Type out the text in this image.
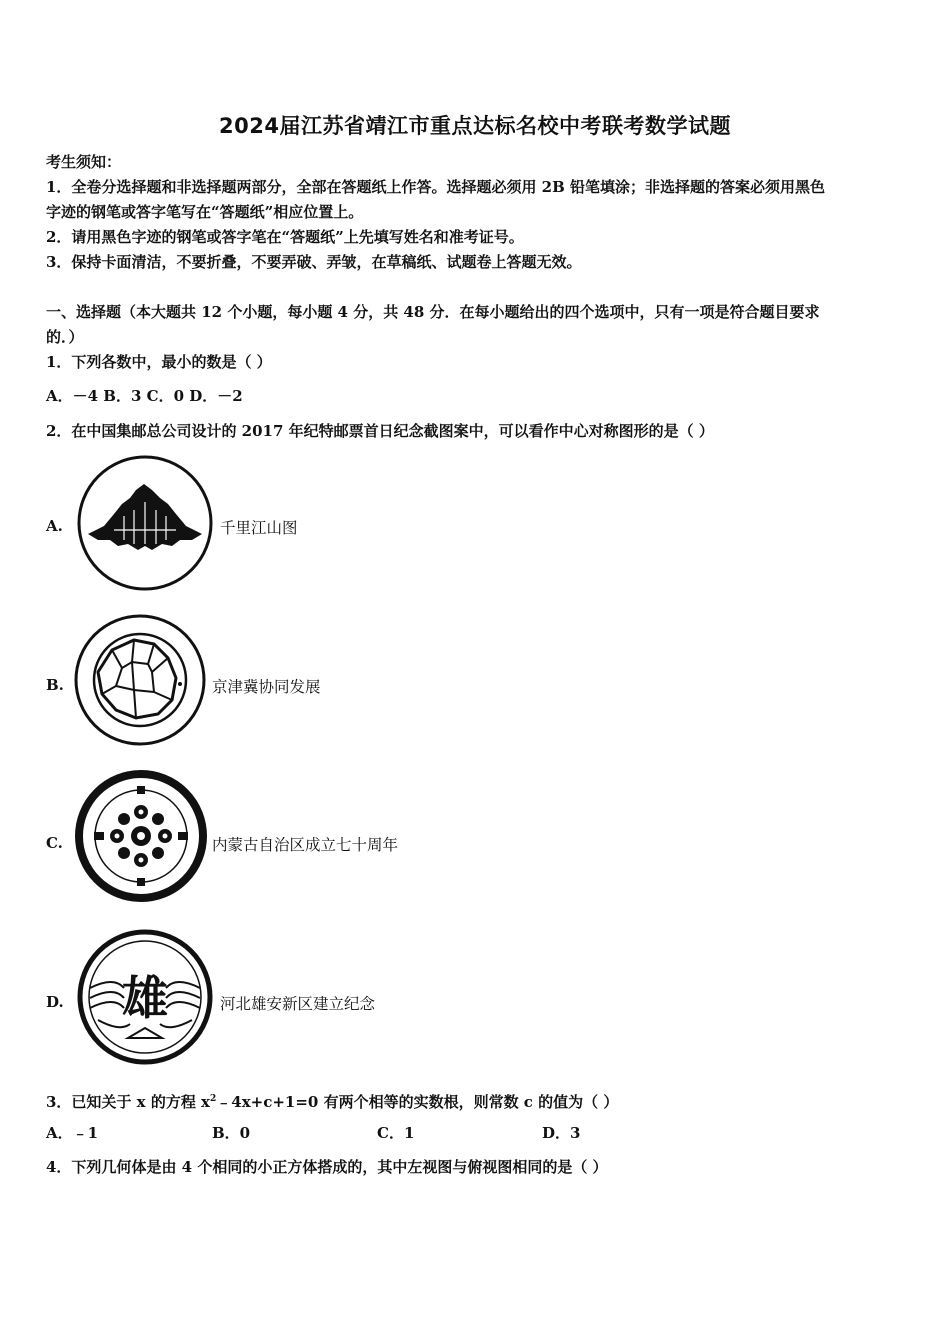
2024届江苏省靖江市重点达标名校中考联考数学试题
考生须知：
1．全卷分选择题和非选择题两部分，全部在答题纸上作答。选择题必须用 2B 铅笔填涂；非选择题的答案必须用黑色
字迹的钢笔或答字笔写在“答题纸”相应位置上。
2．请用黑色字迹的钢笔或答字笔在“答题纸”上先填写姓名和准考证号。
3．保持卡面清洁，不要折叠，不要弄破、弄皱，在草稿纸、试题卷上答题无效。
一、选择题（本大题共 12 个小题，每小题 4 分，共 48 分．在每小题给出的四个选项中，只有一项是符合题目要求
的．）
1．下列各数中，最小的数是（ ）
A．－4 B．3 C．0 D．－2
2．在中国集邮总公司设计的 2017 年纪特邮票首日纪念截图案中，可以看作中心对称图形的是（ ）
A.	千里江山图
B.	京津冀协同发展
C.	内蒙古自治区成立七十周年
D. 雄	河北雄安新区建立纪念
3．已知关于 x 的方程 $x^2﹣4x+c+1=0$ 有两个相等的实数根，则常数 c 的值为（ ）
A．﹣1	B．0	C．1	D．3
4．下列几何体是由 4 个相同的小正方体搭成的，其中左视图与俯视图相同的是（ ）
